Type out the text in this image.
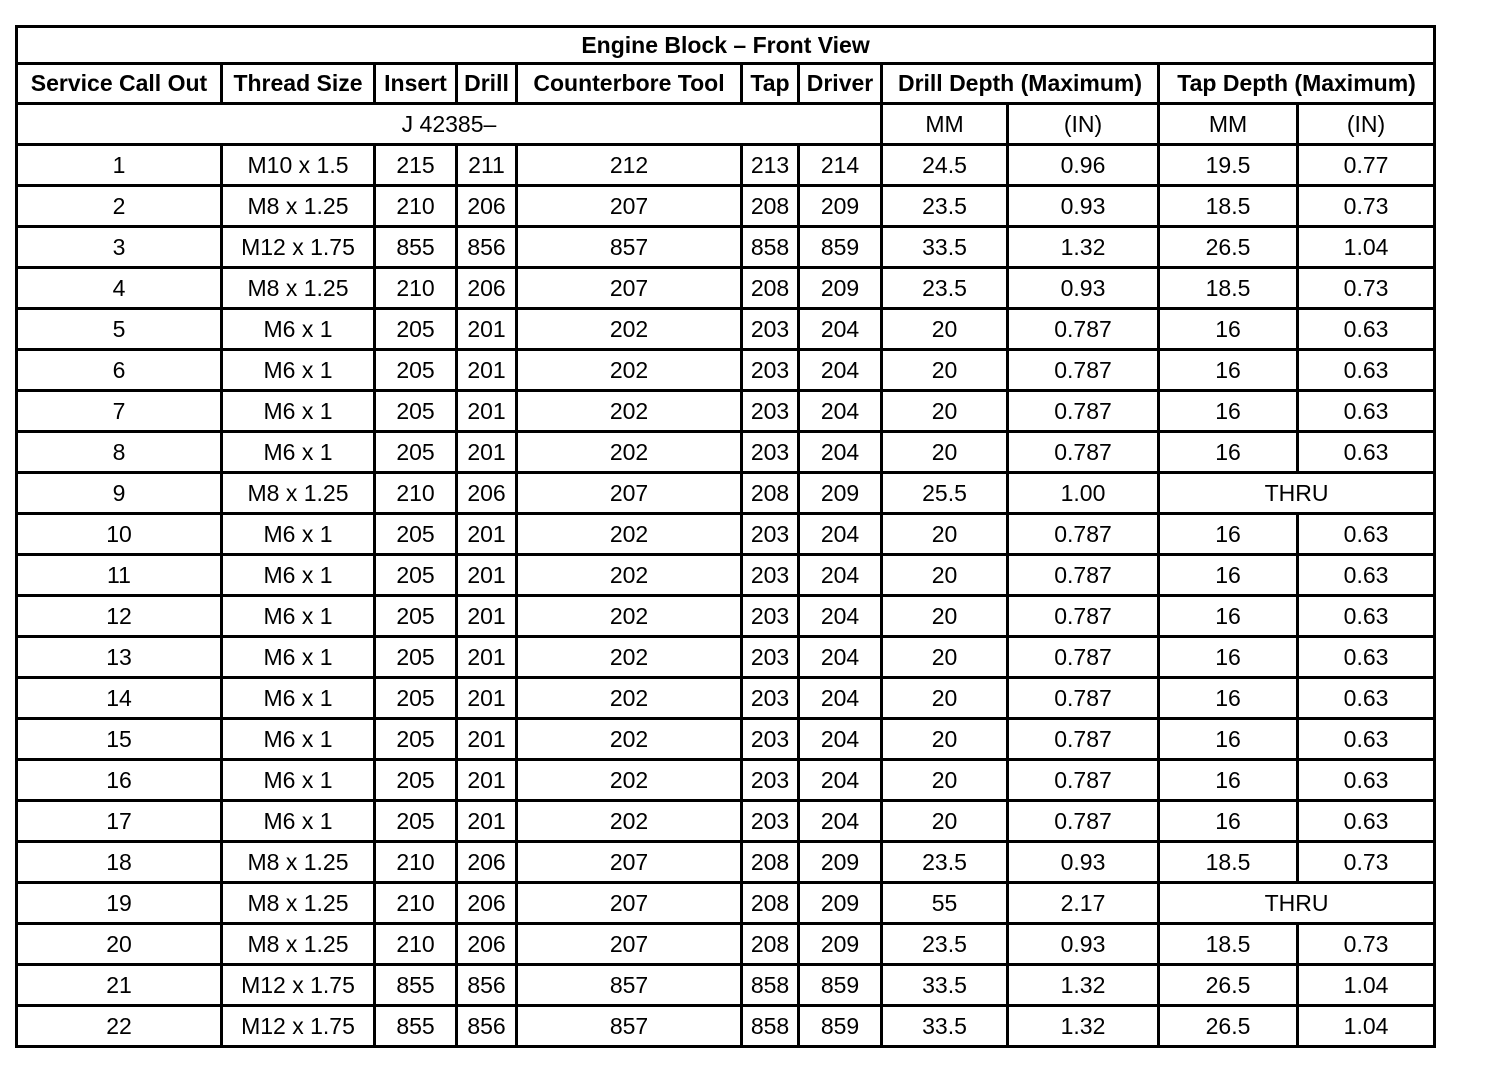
Engine Block – Front View										
Service Call Out	Thread Size	Insert	Drill	Counterbore Tool	Tap	Driver	Drill Depth (Maximum)		Tap Depth (Maximum)	
J 42385–							MM	(IN)	MM	(IN)
1	M10 x 1.5	215	211	212	213	214	24.5	0.96	19.5	0.77
2	M8 x 1.25	210	206	207	208	209	23.5	0.93	18.5	0.73
3	M12 x 1.75	855	856	857	858	859	33.5	1.32	26.5	1.04
4	M8 x 1.25	210	206	207	208	209	23.5	0.93	18.5	0.73
5	M6 x 1	205	201	202	203	204	20	0.787	16	0.63
6	M6 x 1	205	201	202	203	204	20	0.787	16	0.63
7	M6 x 1	205	201	202	203	204	20	0.787	16	0.63
8	M6 x 1	205	201	202	203	204	20	0.787	16	0.63
9	M8 x 1.25	210	206	207	208	209	25.5	1.00	THRU	
10	M6 x 1	205	201	202	203	204	20	0.787	16	0.63
11	M6 x 1	205	201	202	203	204	20	0.787	16	0.63
12	M6 x 1	205	201	202	203	204	20	0.787	16	0.63
13	M6 x 1	205	201	202	203	204	20	0.787	16	0.63
14	M6 x 1	205	201	202	203	204	20	0.787	16	0.63
15	M6 x 1	205	201	202	203	204	20	0.787	16	0.63
16	M6 x 1	205	201	202	203	204	20	0.787	16	0.63
17	M6 x 1	205	201	202	203	204	20	0.787	16	0.63
18	M8 x 1.25	210	206	207	208	209	23.5	0.93	18.5	0.73
19	M8 x 1.25	210	206	207	208	209	55	2.17	THRU	
20	M8 x 1.25	210	206	207	208	209	23.5	0.93	18.5	0.73
21	M12 x 1.75	855	856	857	858	859	33.5	1.32	26.5	1.04
22	M12 x 1.75	855	856	857	858	859	33.5	1.32	26.5	1.04
